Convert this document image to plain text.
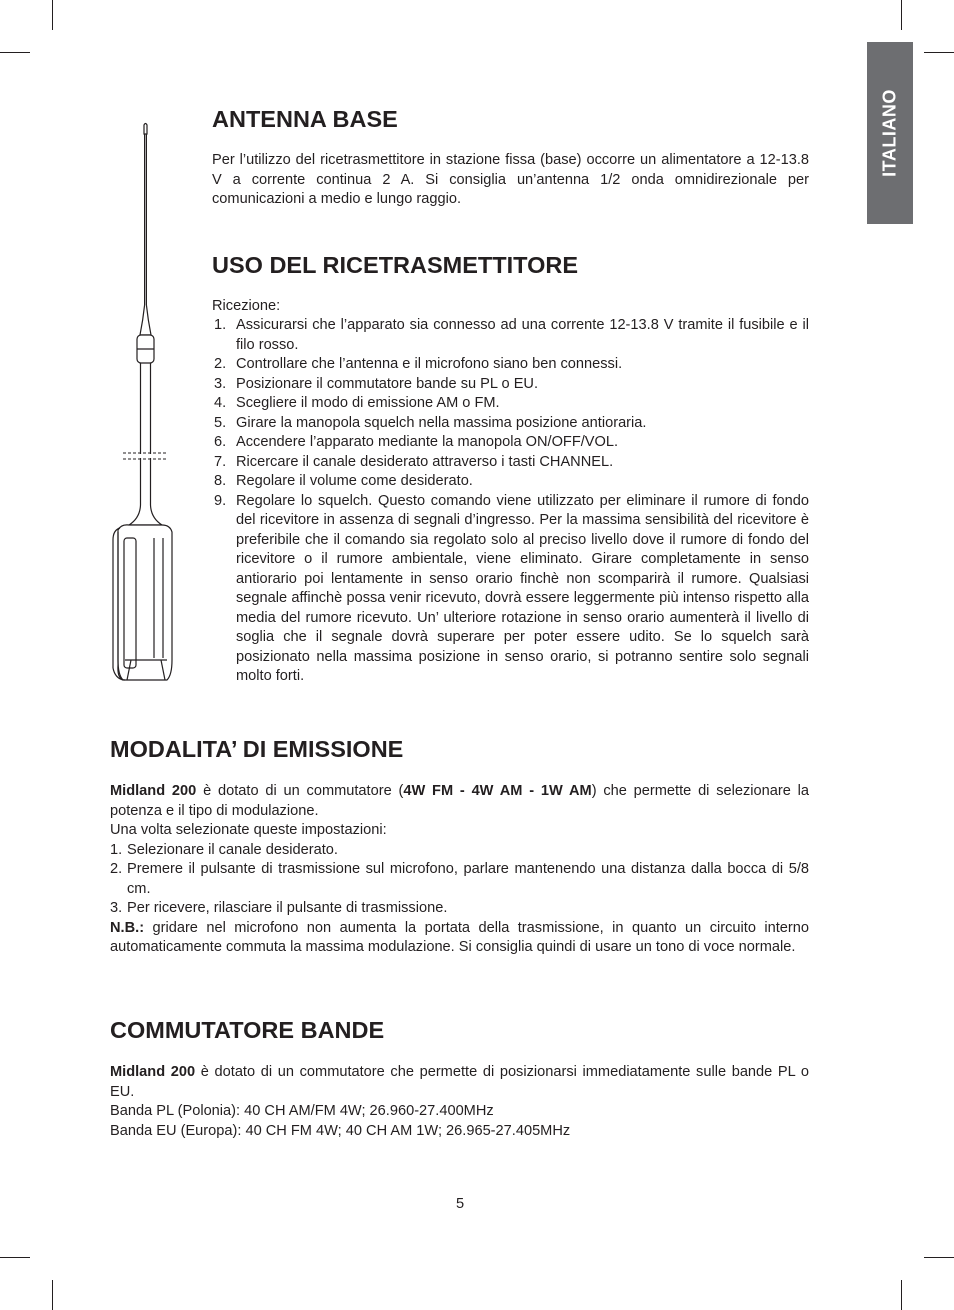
ITALIANO
ANTENNA BASE

Per l’utilizzo del ricetrasmettitore in stazione fissa (base) occorre un alimentatore a 12-13.8 V a corrente continua 2 A. Si consiglia un’antenna 1/2 onda omnidirezionale per comunicazioni a medio e lungo raggio.

USO DEL RICETRASMETTITORE
Ricezione:
1. Assicurarsi che l’apparato sia connesso ad una corrente 12-13.8 V tramite il fusibile e il filo rosso.
2. Controllare che l’antenna e il microfono siano ben connessi.
3. Posizionare il commutatore bande su PL o EU.
4. Scegliere il modo di emissione AM o FM.
5. Girare la manopola squelch nella massima posizione antioraria.
6. Accendere l’apparato mediante la manopola ON/OFF/VOL.
7. Ricercare il canale desiderato attraverso i tasti CHANNEL.
8. Regolare il volume come desiderato.
9. Regolare lo squelch. Questo comando viene utilizzato per eliminare il rumore di fondo del ricevitore in assenza di segnali d’ingresso. Per la massima sensibilità del ricevitore è preferibile che il comando sia regolato solo al preciso livello dove il rumore di fondo del ricevitore o il rumore ambientale, viene eliminato. Girare completamente in senso antiorario poi lentamente in senso orario finchè non scomparirà il rumore. Qualsiasi segnale affinchè possa venir ricevuto, dovrà essere leggermente più intenso rispetto alla media del rumore ricevuto. Un’ ulteriore rotazione in senso orario aumenterà il livello di soglia che il segnale dovrà superare per poter essere udito. Se lo squelch sarà posizionato nella massima posizione in senso orario, si potranno sentire solo segnali molto forti.
MODALITA’ DI EMISSIONE
Midland 200 è dotato di un commutatore (4W FM - 4W AM - 1W AM) che permette di selezionare la potenza e il tipo di modulazione.
Una volta selezionate queste impostazioni:
1. Selezionare il canale desiderato.
2. Premere il pulsante di trasmissione sul microfono, parlare mantenendo una distanza dalla bocca di 5/8 cm.
3. Per ricevere, rilasciare il pulsante di trasmissione.
N.B.: gridare nel microfono non aumenta la portata della trasmissione, in quanto un circuito interno automaticamente commuta la massima modulazione. Si consiglia quindi di usare un tono di voce normale.
COMMUTATORE BANDE
Midland 200 è dotato di un commutatore che permette di posizionarsi immediatamente sulle bande PL o EU.
Banda PL (Polonia): 40 CH AM/FM 4W; 26.960-27.400MHz
Banda EU (Europa): 40 CH FM 4W; 40 CH AM 1W; 26.965-27.405MHz
5
